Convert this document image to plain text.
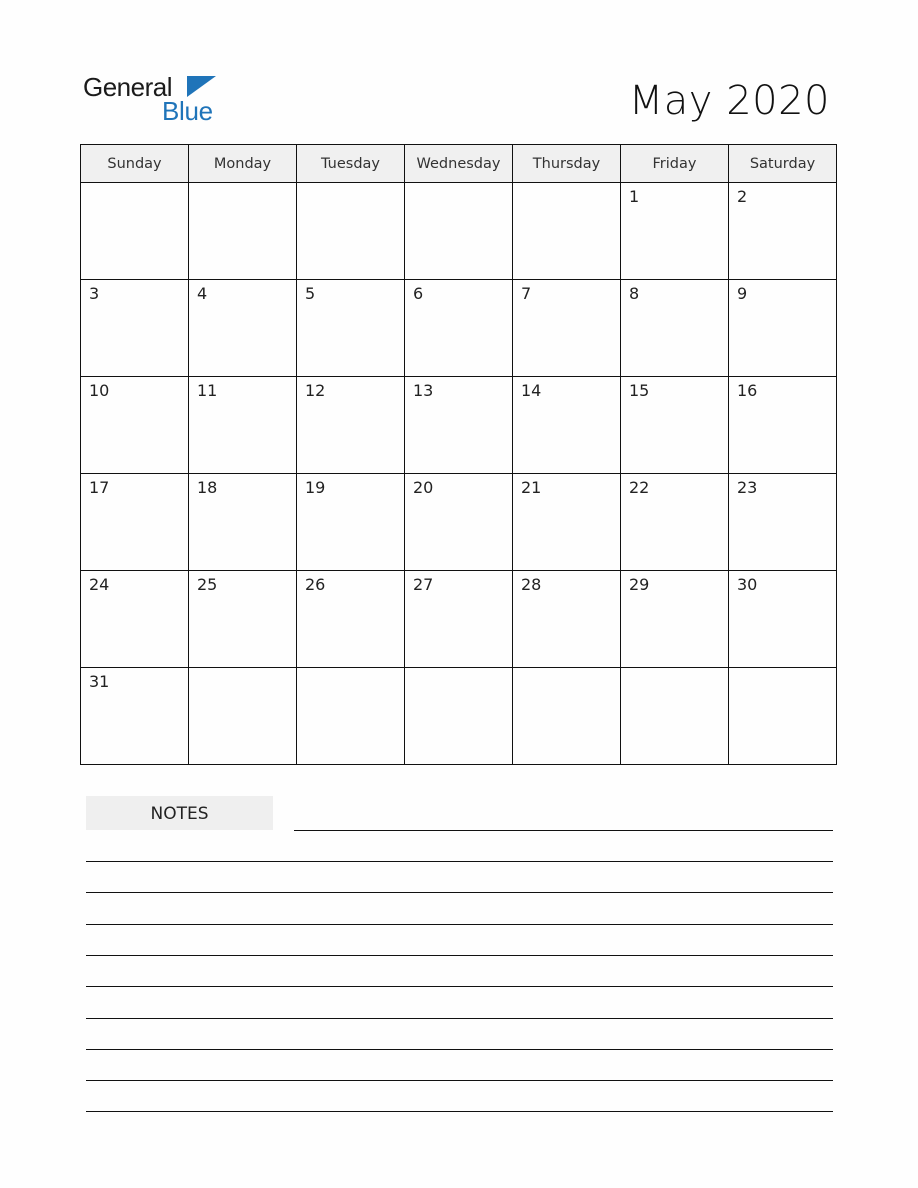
General
Blue	May 2020
Sunday	Monday	Tuesday	Wednesday	Thursday	Friday	Saturday

					1	2

3	4	5	6	7	8	9

10	11	12	13	14	15	16

17	18	19	20	21	22	23

24	25	26	27	28	29	30

31						

NOTES
